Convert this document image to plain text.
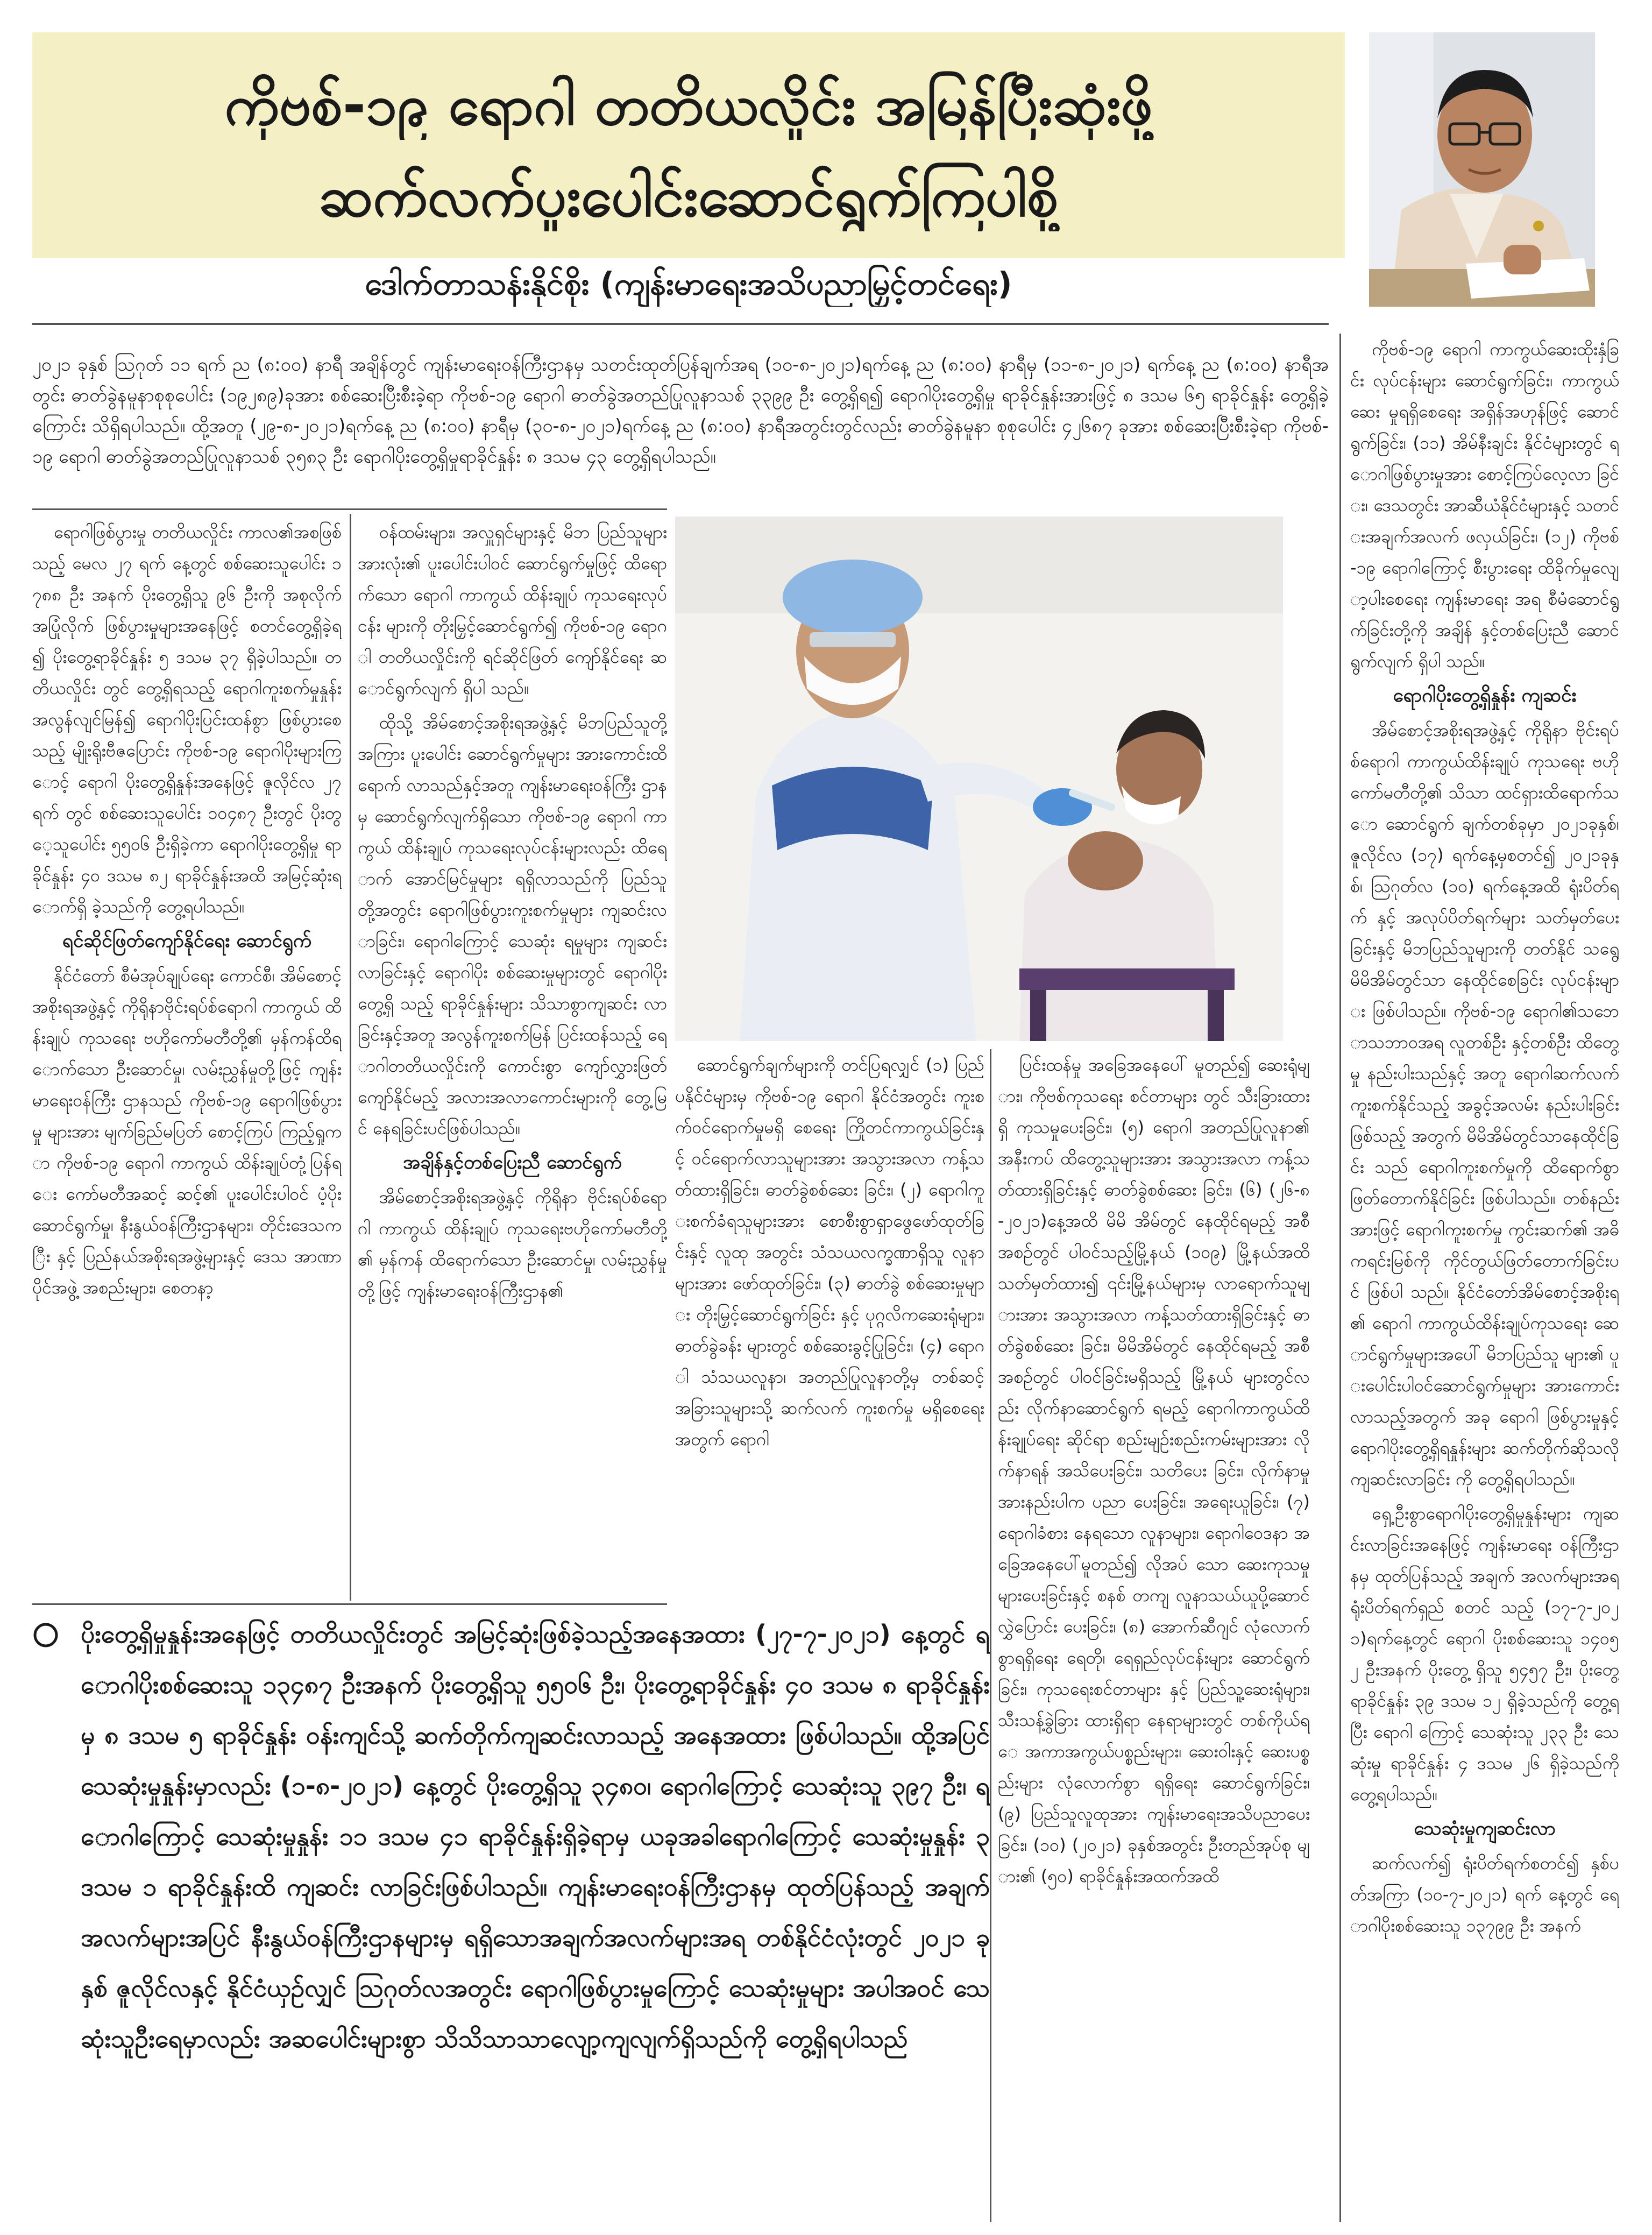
ကိုဗစ်-၁၉ ရောဂါ တတိယလှိုင်း အမြန်ပြီးဆုံးဖို့
ဆက်လက်ပူးပေါင်းဆောင်ရွက်ကြပါစို့
ဒေါက်တာသန်းနိုင်စိုး (ကျန်းမာရေးအသိပညာမြှင့်တင်ရေး)
၂၀၂၁ ခုနှစ် ဩဂုတ် ၁၁ ရက် ည (၈:၀၀) နာရီ အချိန်တွင် ကျန်းမာရေးဝန်ကြီးဌာနမှ သတင်းထုတ်ပြန်ချက်အရ (၁၀-၈-၂၀၂၁)ရက်နေ့ ည (၈:၀၀) နာရီမှ (၁၁-၈-၂၀၂၁) ရက်နေ့ ည (၈:၀၀) နာရီအတွင်း ဓာတ်ခွဲနမူနာစုစုပေါင်း (၁၉၂၈၉)ခုအား စစ်ဆေးပြီးစီးခဲ့ရာ ကိုဗစ်-၁၉ ရောဂါ ဓာတ်ခွဲအတည်ပြုလူနာသစ် ၃၃၉၉ ဦး တွေ့ရှိရ၍ ရောဂါပိုးတွေ့ရှိမှု ရာခိုင်နှုန်းအားဖြင့် ၈ ဒသမ ၆၅ ရာခိုင်နှုန်း တွေ့ရှိခဲ့ကြောင်း သိရှိရပါသည်။ ထို့အတူ (၂၉-၈-၂၀၂၁)ရက်နေ့ ည (၈:၀၀) နာရီမှ (၃၀-၈-၂၀၂၁)ရက်နေ့ ည (၈:၀၀) နာရီအတွင်းတွင်လည်း ဓာတ်ခွဲနမူနာ စုစုပေါင်း ၄၂၆၈၇ ခုအား စစ်ဆေးပြီးစီးခဲ့ရာ ကိုဗစ်-၁၉ ရောဂါ ဓာတ်ခွဲအတည်ပြုလူနာသစ် ၃၅၈၃ ဦး ရောဂါပိုးတွေ့ရှိမှုရာခိုင်နှုန်း ၈ ဒသမ ၄၃ တွေ့ရှိရပါသည်။

ရောဂါဖြစ်ပွားမှု တတိယလှိုင်း ကာလ၏အစဖြစ်သည့် မေလ ၂၇ ရက် နေ့တွင် စစ်ဆေးသူပေါင်း ၁၇၈၈ ဦး အနက် ပိုးတွေ့ရှိသူ ၉၆ ဦးကို အစုလိုက် အပြုံလိုက် ဖြစ်ပွားမှုများအနေဖြင့် စတင်တွေ့ရှိခဲ့ရ၍ ပိုးတွေ့ရာခိုင်နှုန်း ၅ ဒသမ ၃၇ ရှိခဲ့ပါသည်။ တတိယလှိုင်း တွင် တွေ့ရှိရသည့် ရောဂါကူးစက်မှုနှုန်း အလွန်လျင်မြန်၍ ရောဂါပိုးပြင်းထန်စွာ ဖြစ်ပွားစေသည့် မျိုးရိုးဗီဇပြောင်း ကိုဗစ်-၁၉ ရောဂါပိုးများကြောင့် ရောဂါ ပိုးတွေ့ရှိနှုန်းအနေဖြင့် ဇူလိုင်လ ၂၇ ရက် တွင် စစ်ဆေးသူပေါင်း ၁၀၄၈၇ ဦးတွင် ပိုးတွေ့သူပေါင်း ၅၅၀၆ ဦးရှိခဲ့ကာ ရောဂါပိုးတွေ့ရှိမှု ရာခိုင်နှုန်း ၄၀ ဒသမ ၈၂ ရာခိုင်နှုန်းအထိ အမြင့်ဆုံးရောက်ရှိ ခဲ့သည်ကို တွေ့ရပါသည်။

ရင်ဆိုင်ဖြတ်ကျော်နိုင်ရေး ဆောင်ရွက်

နိုင်ငံတော် စီမံအုပ်ချုပ်ရေး ကောင်စီ၊ အိမ်စောင့်အစိုးရအဖွဲ့နှင့် ကိုရိုနာဗိုင်းရပ်စ်ရောဂါ ကာကွယ် ထိန်းချုပ် ကုသရေး ဗဟိုကော်မတီတို့၏ မှန်ကန်ထိရောက်သော ဦးဆောင်မှု၊ လမ်းညွှန်မှုတို့ဖြင့် ကျန်းမာရေးဝန်ကြီး ဌာနသည် ကိုဗစ်-၁၉ ရောဂါဖြစ်ပွားမှု များအား မျက်ခြည်မပြတ် စောင့်ကြပ် ကြည့်ရှုကာ ကိုဗစ်-၁၉ ရောဂါ ကာကွယ် ထိန်းချုပ်တုံ့ပြန်ရေး ကော်မတီအဆင့် ဆင့်၏ ပူးပေါင်းပါဝင် ပံ့ပိုးဆောင်ရွက်မှု၊ နီးနွယ်ဝန်ကြီးဌာနများ၊ တိုင်းဒေသကြီး နှင့် ပြည်နယ်အစိုးရအဖွဲ့များနှင့် ဒေသ အာဏာပိုင်အဖွဲ့ အစည်းများ၊ စေတနာ့

ဝန်ထမ်းများ၊ အလှူရှင်များနှင့် မိဘ ပြည်သူများအားလုံး၏ ပူးပေါင်းပါဝင် ဆောင်ရွက်မှုဖြင့် ထိရောက်သော ရောဂါ ကာကွယ် ထိန်းချုပ် ကုသရေးလုပ်ငန်း များကို တိုးမြှင့်ဆောင်ရွက်၍ ကိုဗစ်-၁၉ ရောဂါ တတိယလှိုင်းကို ရင်ဆိုင်ဖြတ် ကျော်နိုင်ရေး ဆောင်ရွက်လျက် ရှိပါ သည်။

ထိုသို့ အိမ်စောင့်အစိုးရအဖွဲ့နှင့် မိဘပြည်သူတို့အကြား ပူးပေါင်း ဆောင်ရွက်မှုများ အားကောင်းထိရောက် လာသည်နှင့်အတူ ကျန်းမာရေးဝန်ကြီး ဌာနမှ ဆောင်ရွက်လျက်ရှိသော ကိုဗစ်-၁၉ ရောဂါ ကာကွယ် ထိန်းချုပ် ကုသရေးလုပ်ငန်းများလည်း ထိရောက် အောင်မြင်မှုများ ရရှိလာသည်ကို ပြည်သူ တို့အတွင်း ရောဂါဖြစ်ပွားကူးစက်မှုများ ကျဆင်းလာခြင်း၊ ရောဂါကြောင့် သေဆုံး ရမှုများ ကျဆင်းလာခြင်းနှင့် ရောဂါပိုး စစ်ဆေးမှုများတွင် ရောဂါပိုးတွေ့ရှိ သည့် ရာခိုင်နှုန်းများ သိသာစွာကျဆင်း လာခြင်းနှင့်အတူ အလွန်ကူးစက်မြန် ပြင်းထန်သည့် ရောဂါတတိယလှိုင်းကို ကောင်းစွာ ကျော်လွှားဖြတ်ကျော်နိုင်မည့် အလားအလာကောင်းများကို တွေ့မြင် နေရခြင်းပင်ဖြစ်ပါသည်။

အချိန်နှင့်တစ်ပြေးညီ ဆောင်ရွက်

အိမ်စောင့်အစိုးရအဖွဲ့နှင့် ကိုရိုနာ ဗိုင်းရပ်စ်ရောဂါ ကာကွယ် ထိန်းချုပ် ကုသရေးဗဟိုကော်မတီတို့၏ မှန်ကန် ထိရောက်သော ဦးဆောင်မှု၊ လမ်းညွှန်မှု တို့ဖြင့် ကျန်းမာရေးဝန်ကြီးဌာန၏

ဆောင်ရွက်ချက်များကို တင်ပြရလျှင် (၁) ပြည်ပနိုင်ငံများမှ ကိုဗစ်-၁၉ ရောဂါ နိုင်ငံအတွင်း ကူးစက်ဝင်ရောက်မှုမရှိ စေရေး ကြိုတင်ကာကွယ်ခြင်းနှင့် ဝင်ရောက်လာသူများအား အသွားအလာ ကန့်သတ်ထားရှိခြင်း၊ ဓာတ်ခွဲစစ်ဆေး ခြင်း၊ (၂) ရောဂါကူးစက်ခံရသူများအား စောစီးစွာရှာဖွေဖော်ထုတ်ခြင်းနှင့် လူထု အတွင်း သံသယလက္ခဏာရှိသူ လူနာ များအား ဖော်ထုတ်ခြင်း၊ (၃) ဓာတ်ခွဲ စစ်ဆေးမှုများ တိုးမြှင့်ဆောင်ရွက်ခြင်း နှင့် ပုဂ္ဂလိကဆေးရုံများ၊ ဓာတ်ခွဲခန်း များတွင် စစ်ဆေးခွင့်ပြုခြင်း၊ (၄) ရောဂါ သံသယလူနာ၊ အတည်ပြုလူနာတို့မှ တစ်ဆင့် အခြားသူများသို့ ဆက်လက် ကူးစက်မှု မရှိစေရေးအတွက် ရောဂါ

ပြင်းထန်မှု အခြေအနေပေါ် မူတည်၍ ဆေးရုံများ၊ ကိုဗစ်ကုသရေး စင်တာများ တွင် သီးခြားထားရှိ ကုသမှုပေးခြင်း၊ (၅) ရောဂါ အတည်ပြုလူနာ၏ အနီးကပ် ထိတွေ့သူများအား အသွားအလာ ကန့်သတ်ထားရှိခြင်းနှင့် ဓာတ်ခွဲစစ်ဆေး ခြင်း၊ (၆) (၂၆-၈-၂၀၂၁)နေ့အထိ မိမိ အိမ်တွင် နေထိုင်ရမည့် အစီအစဉ်တွင် ပါဝင်သည့်မြို့နယ် (၁၀၉) မြို့နယ်အထိ သတ်မှတ်ထား၍ ၎င်းမြို့နယ်များမှ လာရောက်သူများအား အသွားအလာ ကန့်သတ်ထားရှိခြင်းနှင့် ဓာတ်ခွဲစစ်ဆေး ခြင်း၊ မိမိအိမ်တွင် နေထိုင်ရမည့် အစီ အစဉ်တွင် ပါဝင်ခြင်းမရှိသည့် မြို့နယ် များတွင်လည်း လိုက်နာဆောင်ရွက် ရမည့် ရောဂါကာကွယ်ထိန်းချုပ်ရေး ဆိုင်ရာ စည်းမျဉ်းစည်းကမ်းများအား လိုက်နာရန် အသိပေးခြင်း၊ သတိပေး ခြင်း၊ လိုက်နာမှု အားနည်းပါက ပညာ ပေးခြင်း၊ အရေးယူခြင်း၊ (၇)ရောဂါခံစား နေရသော လူနာများ၊ ရောဂါဝေဒနာ အခြေအနေပေါ်မူတည်၍ လိုအပ် သော ဆေးကုသမှုများပေးခြင်းနှင့် စနစ် တကျ လူနာသယ်ယူပို့ဆောင်လွှဲပြောင်း ပေးခြင်း၊ (၈) အောက်ဆီဂျင် လုံလောက် စွာရရှိရေး ရေတို၊ ရေရှည်လုပ်ငန်းများ ဆောင်ရွက်ခြင်း၊ ကုသရေးစင်တာများ နှင့် ပြည်သူ့ဆေးရုံများ၊ သီးသန့်ခွဲခြား ထားရှိရာ နေရာများတွင် တစ်ကိုယ်ရေ အကာအကွယ်ပစ္စည်းများ၊ ဆေးဝါးနှင့် ဆေးပစ္စည်းများ လုံလောက်စွာ ရရှိရေး ဆောင်ရွက်ခြင်း၊ (၉) ပြည်သူလူထုအား ကျန်းမာရေးအသိပညာပေးခြင်း၊ (၁၀) (၂၀၂၁) ခုနှစ်အတွင်း ဦးတည်အုပ်စု များ၏ (၅၀) ရာခိုင်နှုန်းအထက်အထိ

ကိုဗစ်-၁၉ ရောဂါ ကာကွယ်ဆေးထိုးနှံခြင်း လုပ်ငန်းများ ဆောင်ရွက်ခြင်း၊ ကာကွယ်ဆေး မှုရရှိစေရေး အရှိန်အဟုန်ဖြင့် ဆောင် ရွက်ခြင်း၊ (၁၁) အိမ်နီးချင်း နိုင်ငံများတွင် ရောဂါဖြစ်ပွားမှုအား စောင့်ကြပ်လေ့လာ ခြင်း၊ ဒေသတွင်း အာဆီယံနိုင်ငံများနှင့် သတင်းအချက်အလက် ဖလှယ်ခြင်း၊ (၁၂) ကိုဗစ်-၁၉ ရောဂါကြောင့် စီးပွားရေး ထိခိုက်မှုလျော့ပါးစေရေး ကျန်းမာရေး အရ စီမံဆောင်ရွက်ခြင်းတို့ကို အချိန် နှင့်တစ်ပြေးညီ ဆောင်ရွက်လျက် ရှိပါ သည်။

ရောဂါပိုးတွေ့ရှိနှုန်း ကျဆင်း

အိမ်စောင့်အစိုးရအဖွဲ့နှင့် ကိုရိုနာ ဗိုင်းရပ်စ်ရောဂါ ကာကွယ်ထိန်းချုပ် ကုသရေး ဗဟိုကော်မတီတို့၏ သိသာ ထင်ရှားထိရောက်သော ဆောင်ရွက် ချက်တစ်ခုမှာ ၂၀၂၁ခုနှစ်၊ ဇူလိုင်လ (၁၇) ရက်နေ့မှစတင်၍ ၂၀၂၁ခုနှစ်၊ ဩဂုတ်လ (၁၀) ရက်နေ့အထိ ရုံးပိတ်ရက် နှင့် အလုပ်ပိတ်ရက်များ သတ်မှတ်ပေး ခြင်းနှင့် မိဘပြည်သူများကို တတ်နိုင် သရွေ့ မိမိအိမ်တွင်သာ နေထိုင်စေခြင်း လုပ်ငန်းများ ဖြစ်ပါသည်။ ကိုဗစ်-၁၉ ရောဂါ၏သဘောသဘာဝအရ လူတစ်ဦး နှင့်တစ်ဦး ထိတွေ့မှု နည်းပါးသည်နှင့် အတူ ရောဂါဆက်လက်ကူးစက်နိုင်သည့် အခွင့်အလမ်း နည်းပါးခြင်းဖြစ်သည့် အတွက် မိမိအိမ်တွင်သာနေထိုင်ခြင်း သည် ရောဂါကူးစက်မှုကို ထိရောက်စွာ ဖြတ်တောက်နိုင်ခြင်း ဖြစ်ပါသည်။ တစ်နည်းအားဖြင့် ရောဂါကူးစက်မှု ကွင်းဆက်၏ အဓိကရင်းမြစ်ကို ကိုင်တွယ်ဖြတ်တောက်ခြင်းပင် ဖြစ်ပါ သည်။ နိုင်ငံတော်အိမ်စောင့်အစိုးရ၏ ရောဂါ ကာကွယ်ထိန်းချုပ်ကုသရေး ဆောင်ရွက်မှုများအပေါ် မိဘပြည်သူ များ၏ ပူးပေါင်းပါဝင်ဆောင်ရွက်မှုများ အားကောင်းလာသည့်အတွက် အခု ရောဂါ ဖြစ်ပွားမှုနှင့် ရောဂါပိုးတွေ့ရှိရနှုန်းများ ဆက်တိုက်ဆိုသလို ကျဆင်းလာခြင်း ကို တွေ့ရှိရပါသည်။

ရှေ့ဦးစွာရောဂါပိုးတွေ့ရှိမှုနှုန်းများ ကျဆင်းလာခြင်းအနေဖြင့် ကျန်းမာရေး ဝန်ကြီးဌာနမှ ထုတ်ပြန်သည့် အချက် အလက်များအရ ရုံးပိတ်ရက်ရှည် စတင် သည့် (၁၇-၇-၂၀၂၁)ရက်နေ့တွင် ရောဂါ ပိုးစစ်ဆေးသူ ၁၄၀၅၂ ဦးအနက် ပိုးတွေ့ ရှိသူ ၅၄၅၇ ဦး၊ ပိုးတွေ့ရာခိုင်နှုန်း ၃၉ ဒသမ ၁၂ ရှိခဲ့သည်ကို တွေ့ရပြီး ရောဂါ ကြောင့် သေဆုံးသူ ၂၃၃ ဦး သေဆုံးမှု ရာခိုင်နှုန်း ၄ ဒသမ ၂၆ ရှိခဲ့သည်ကို တွေ့ရပါသည်။

သေဆုံးမှုကျဆင်းလာ

ဆက်လက်၍ ရုံးပိတ်ရက်စတင်၍ နှစ်ပတ်အကြာ (၁၀-၇-၂၀၂၁) ရက် နေ့တွင် ရောဂါပိုးစစ်ဆေးသူ ၁၃၇၉၉ ဦး အနက်

ပိုးတွေ့ရှိမှုနှုန်းအနေဖြင့် တတိယလှိုင်းတွင် အမြင့်ဆုံးဖြစ်ခဲ့သည့်အနေအထား (၂၇-၇-၂၀၂၁) နေ့တွင် ရောဂါပိုးစစ်ဆေးသူ ၁၃၄၈၇ ဦးအနက် ပိုးတွေ့ရှိသူ ၅၅၀၆ ဦး၊ ပိုးတွေ့ရာခိုင်နှုန်း ၄၀ ဒသမ ၈ ရာခိုင်နှုန်းမှ ၈ ဒသမ ၅ ရာခိုင်နှုန်း ဝန်းကျင်သို့ ဆက်တိုက်ကျဆင်းလာသည့် အနေအထား ဖြစ်ပါသည်။ ထို့အပြင် သေဆုံးမှုနှုန်းမှာလည်း (၁-၈-၂၀၂၁) နေ့တွင် ပိုးတွေ့ရှိသူ ၃၄၈၀၊ ရောဂါကြောင့် သေဆုံးသူ ၃၉၇ ဦး၊ ရောဂါကြောင့် သေဆုံးမှုနှုန်း ၁၁ ဒသမ ၄၁ ရာခိုင်နှုန်းရှိခဲ့ရာမှ ယခုအခါရောဂါကြောင့် သေဆုံးမှုနှုန်း ၃ ဒသမ ၁ ရာခိုင်နှုန်းထိ ကျဆင်း လာခြင်းဖြစ်ပါသည်။ ကျန်းမာရေးဝန်ကြီးဌာနမှ ထုတ်ပြန်သည့် အချက်အလက်များအပြင် နီးနွယ်ဝန်ကြီးဌာနများမှ ရရှိသောအချက်အလက်များအရ တစ်နိုင်ငံလုံးတွင် ၂၀၂၁ ခုနှစ် ဇူလိုင်လနှင့် နိုင်ငံယှဉ်လျှင် ဩဂုတ်လအတွင်း ရောဂါဖြစ်ပွားမှုကြောင့် သေဆုံးမှုများ အပါအဝင် သေဆုံးသူဦးရေမှာလည်း အဆပေါင်းများစွာ သိသိသာသာလျော့ကျလျက်ရှိသည်ကို တွေ့ရှိရပါသည်
